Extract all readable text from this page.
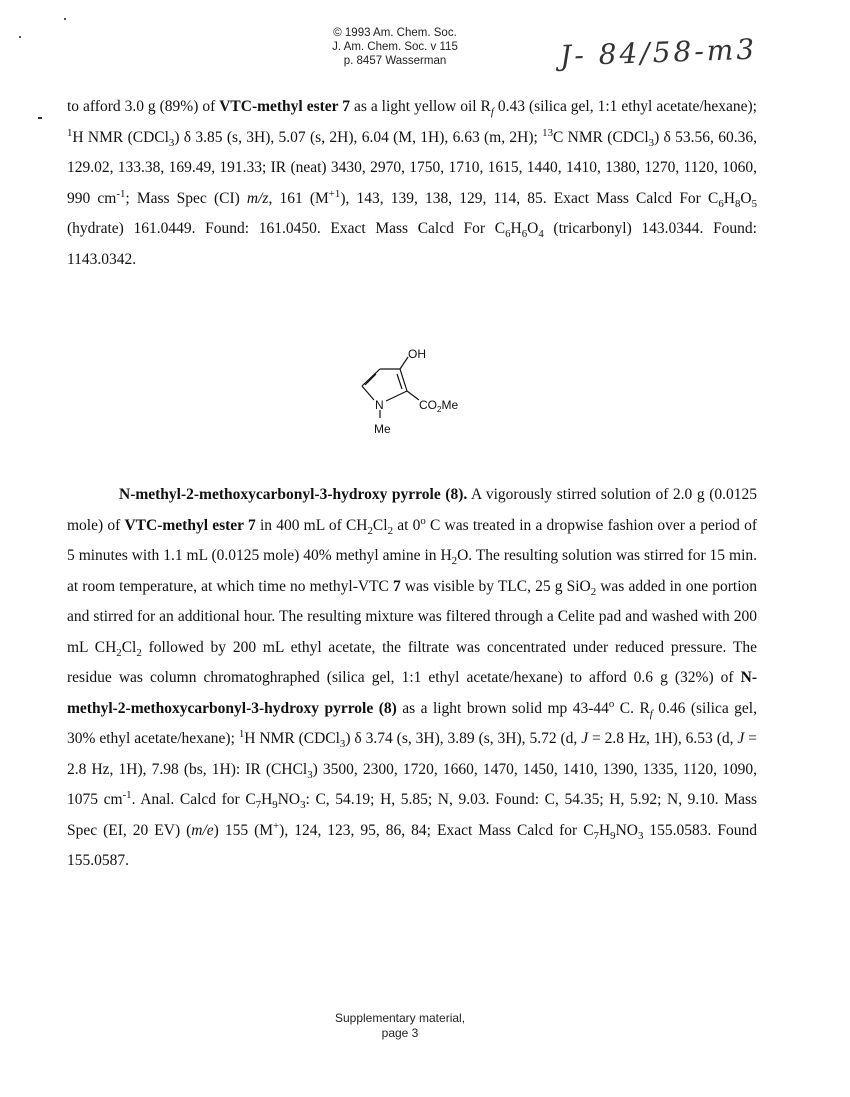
© 1993 Am. Chem. Soc.
J. Am. Chem. Soc. v 115
p. 8457 Wasserman	J- 84/58-m3
to afford 3.0 g (89%) of VTC-methyl ester 7 as a light yellow oil $R_f$ 0.43 (silica gel, 1:1 ethyl acetate/hexane); $^1$H NMR (CDCl$_3$) δ 3.85 (s, 3H), 5.07 (s, 2H), 6.04 (M, 1H), 6.63 (m, 2H); $^{13}$C NMR (CDCl$_3$) δ 53.56, 60.36, 129.02, 133.38, 169.49, 191.33; IR (neat) 3430, 2970, 1750, 1710, 1615, 1440, 1410, 1380, 1270, 1120, 1060, 990 $cm^{-1}$; Mass Spec (CI) m/z, 161 $(M^{+1})$, 143, 139, 138, 129, 114, 85. Exact Mass Calcd For $C_6H_8O_5$ (hydrate) 161.0449. Found: 161.0450. Exact Mass Calcd For $C_6H_6O_4$ (tricarbonyl) 143.0344. Found: 1143.0342.
OH
N	$CO_2Me$
Me
N-methyl-2-methoxycarbonyl-3-hydroxy pyrrole (8). A vigorously stirred solution of 2.0 g (0.0125 mole) of VTC-methyl ester 7 in 400 mL of $CH_2Cl_2$ at 0$^o$ C was treated in a dropwise fashion over a period of 5 minutes with 1.1 mL (0.0125 mole) 40% methyl amine in $H_2O$. The resulting solution was stirred for 15 min. at room temperature, at which time no methyl-VTC 7 was visible by TLC, 25 g SiO$_2$ was added in one portion and stirred for an additional hour. The resulting mixture was filtered through a Celite pad and washed with 200 mL $CH_2Cl_2$ followed by 200 mL ethyl acetate, the filtrate was concentrated under reduced pressure. The residue was column chromatoghraphed (silica gel, 1:1 ethyl acetate/hexane) to afford 0.6 g (32%) of N-methyl-2-methoxycarbonyl-3-hydroxy pyrrole (8) as a light brown solid mp 43-44$^o$ C. $R_f$ 0.46 (silica gel, 30% ethyl acetate/hexane); $^1$H NMR (CDCl$_3$) δ 3.74 (s, 3H), 3.89 (s, 3H), 5.72 (d, J = 2.8 Hz, 1H), 6.53 (d, J = 2.8 Hz, 1H), 7.98 (bs, 1H): IR (CHCl$_3$) 3500, 2300, 1720, 1660, 1470, 1450, 1410, 1390, 1335, 1120, 1090, 1075 $cm^{-1}$. Anal. Calcd for $C_7H_9NO_3$: C, 54.19; H, 5.85; N, 9.03. Found: C, 54.35; H, 5.92; N, 9.10. Mass Spec (EI, 20 EV) (m/e) 155 (M+), 124, 123, 95, 86, 84; Exact Mass Calcd for $C_7H_9NO_3$ 155.0583. Found 155.0587.
Supplementary material,
page 3
